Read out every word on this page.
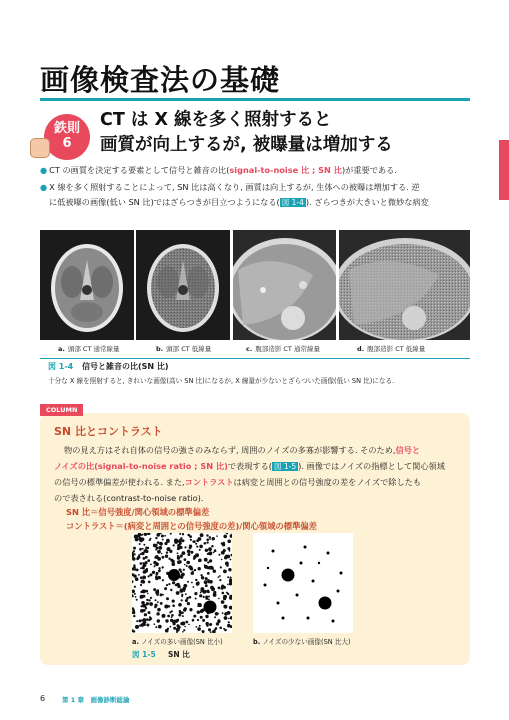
画像検査法の基礎
鉄則
6
CT は X 線を多く照射すると
画質が向上するが, 被曝量は増加する
● CT の画質を決定する要素として信号と雑音の比(signal-to-noise 比 ; SN 比)が重要である.
● X 線を多く照射することによって, SN 比は高くなり, 画質は向上するが, 生体への被曝は増加する. 逆
に低被曝の画像(低い SN 比)ではざらつきが目立つようになる( 図 1-4 ). ざらつきが大きいと微妙な病変
a. 頭部 CT 通常線量	b. 頭部 CT 低線量	c. 腹部造影 CT 通常線量	d. 腹部造影 CT 低線量
図 1-4 信号と雑音の比(SN 比)
十分な X 線を照射すると, きれいな画像(高い SN 比)になるが, X 線量が少ないとざらついた画像(低い SN 比)になる.
COLUMN
SN 比とコントラスト
物の見え方はそれ自体の信号の強さのみならず, 周囲のノイズの多寡が影響する. そのため,信号と
ノイズの比(signal-to-noise ratio ; SN 比)で表現する( 図 1-5 ). 画像ではノイズの指標として関心領域
の信号の標準偏差が使われる. また,コントラストは病変と周囲との信号強度の差をノイズで除したも
ので表される(contrast-to-noise ratio).
SN 比＝信号強度/関心領域の標準偏差
コントラスト＝(病変と周囲との信号強度の差)/関心領域の標準偏差
a. ノイズの多い画像(SN 比小)	b. ノイズの少ない画像(SN 比大)
図 1-5 SN 比
6	第 1 章　画像診断総論
